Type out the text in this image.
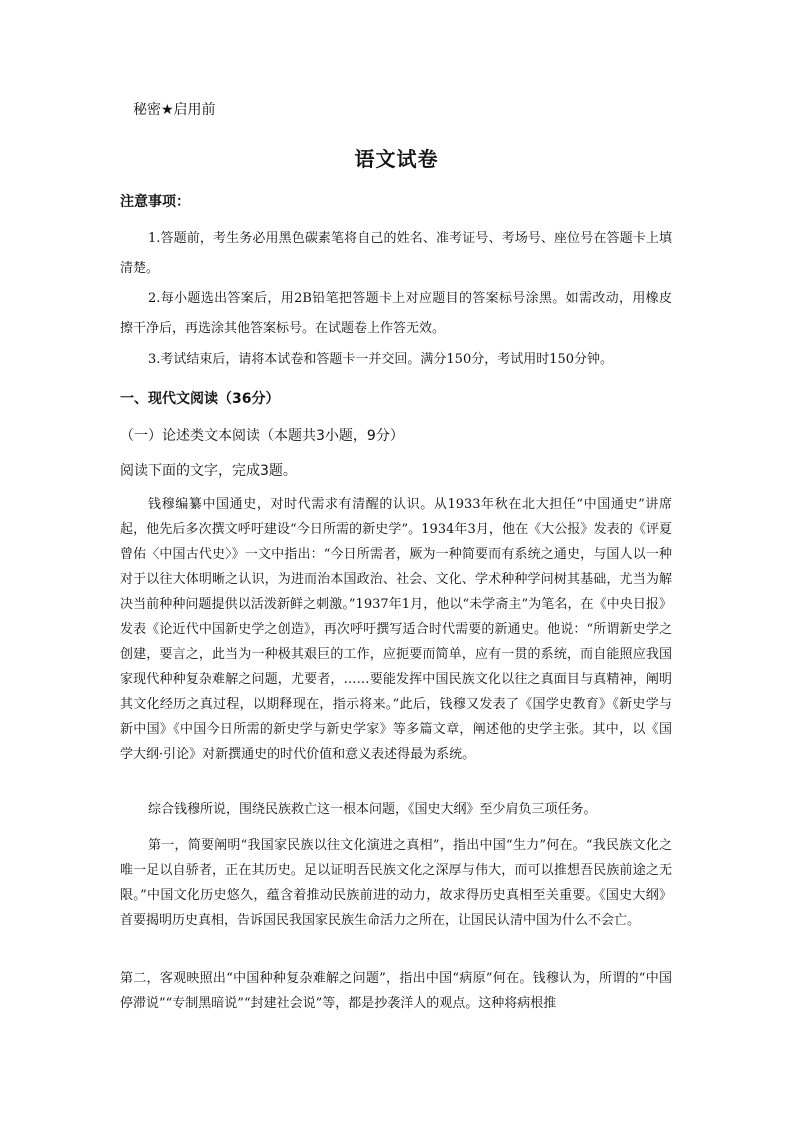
秘密★启用前
语文试卷
注意事项：
1.答题前，考生务必用黑色碳素笔将自己的姓名、准考证号、考场号、座位号在答题卡上填清楚。
2.每小题选出答案后，用2B铅笔把答题卡上对应题目的答案标号涂黑。如需改动，用橡皮擦干净后，再选涂其他答案标号。在试题卷上作答无效。
3.考试结束后，请将本试卷和答题卡一并交回。满分150分，考试用时150分钟。
一、现代文阅读（36分）
（一）论述类文本阅读（本题共3小题，9分）
阅读下面的文字，完成3题。
钱穆编纂中国通史，对时代需求有清醒的认识。从1933年秋在北大担任“中国通史”讲席起，他先后多次撰文呼吁建设“今日所需的新史学”。1934年3月，他在《大公报》发表的《评夏曾佑〈中国古代史〉》一文中指出：“今日所需者，厥为一种简要而有系统之通史，与国人以一种对于以往大体明晰之认识，为进而治本国政治、社会、文化、学术种种学问树其基础，尤当为解决当前种种问题提供以活泼新鲜之刺激。”1937年1月，他以“未学斋主”为笔名，在《中央日报》发表《论近代中国新史学之创造》，再次呼吁撰写适合时代需要的新通史。他说：“所谓新史学之创建，要言之，此当为一种极其艰巨的工作，应扼要而简单，应有一贯的系统，而自能照应我国家现代种种复杂难解之问题，尤要者，……要能发挥中国民族文化以往之真面目与真精神，阐明其文化经历之真过程，以期释现在，指示将来。”此后，钱穆又发表了《国学史教育》《新史学与新中国》《中国今日所需的新史学与新史学家》等多篇文章，阐述他的史学主张。其中，以《国学大纲·引论》对新撰通史的时代价值和意义表述得最为系统。
综合钱穆所说，围绕民族救亡这一根本问题，《国史大纲》至少肩负三项任务。
第一，简要阐明“我国家民族以往文化演进之真相”，指出中国“生力”何在。“我民族文化之唯一足以自骄者，正在其历史。足以证明吾民族文化之深厚与伟大，而可以推想吾民族前途之无限。”中国文化历史悠久，蕴含着推动民族前进的动力，故求得历史真相至关重要。《国史大纲》首要揭明历史真相，告诉国民我国家民族生命活力之所在，让国民认清中国为什么不会亡。
第二，客观映照出“中国种种复杂难解之问题”，指出中国“病原”何在。钱穆认为，所谓的“中国停滞说”“专制黑暗说”“封建社会说”等，都是抄袭洋人的观点。这种将病根推
